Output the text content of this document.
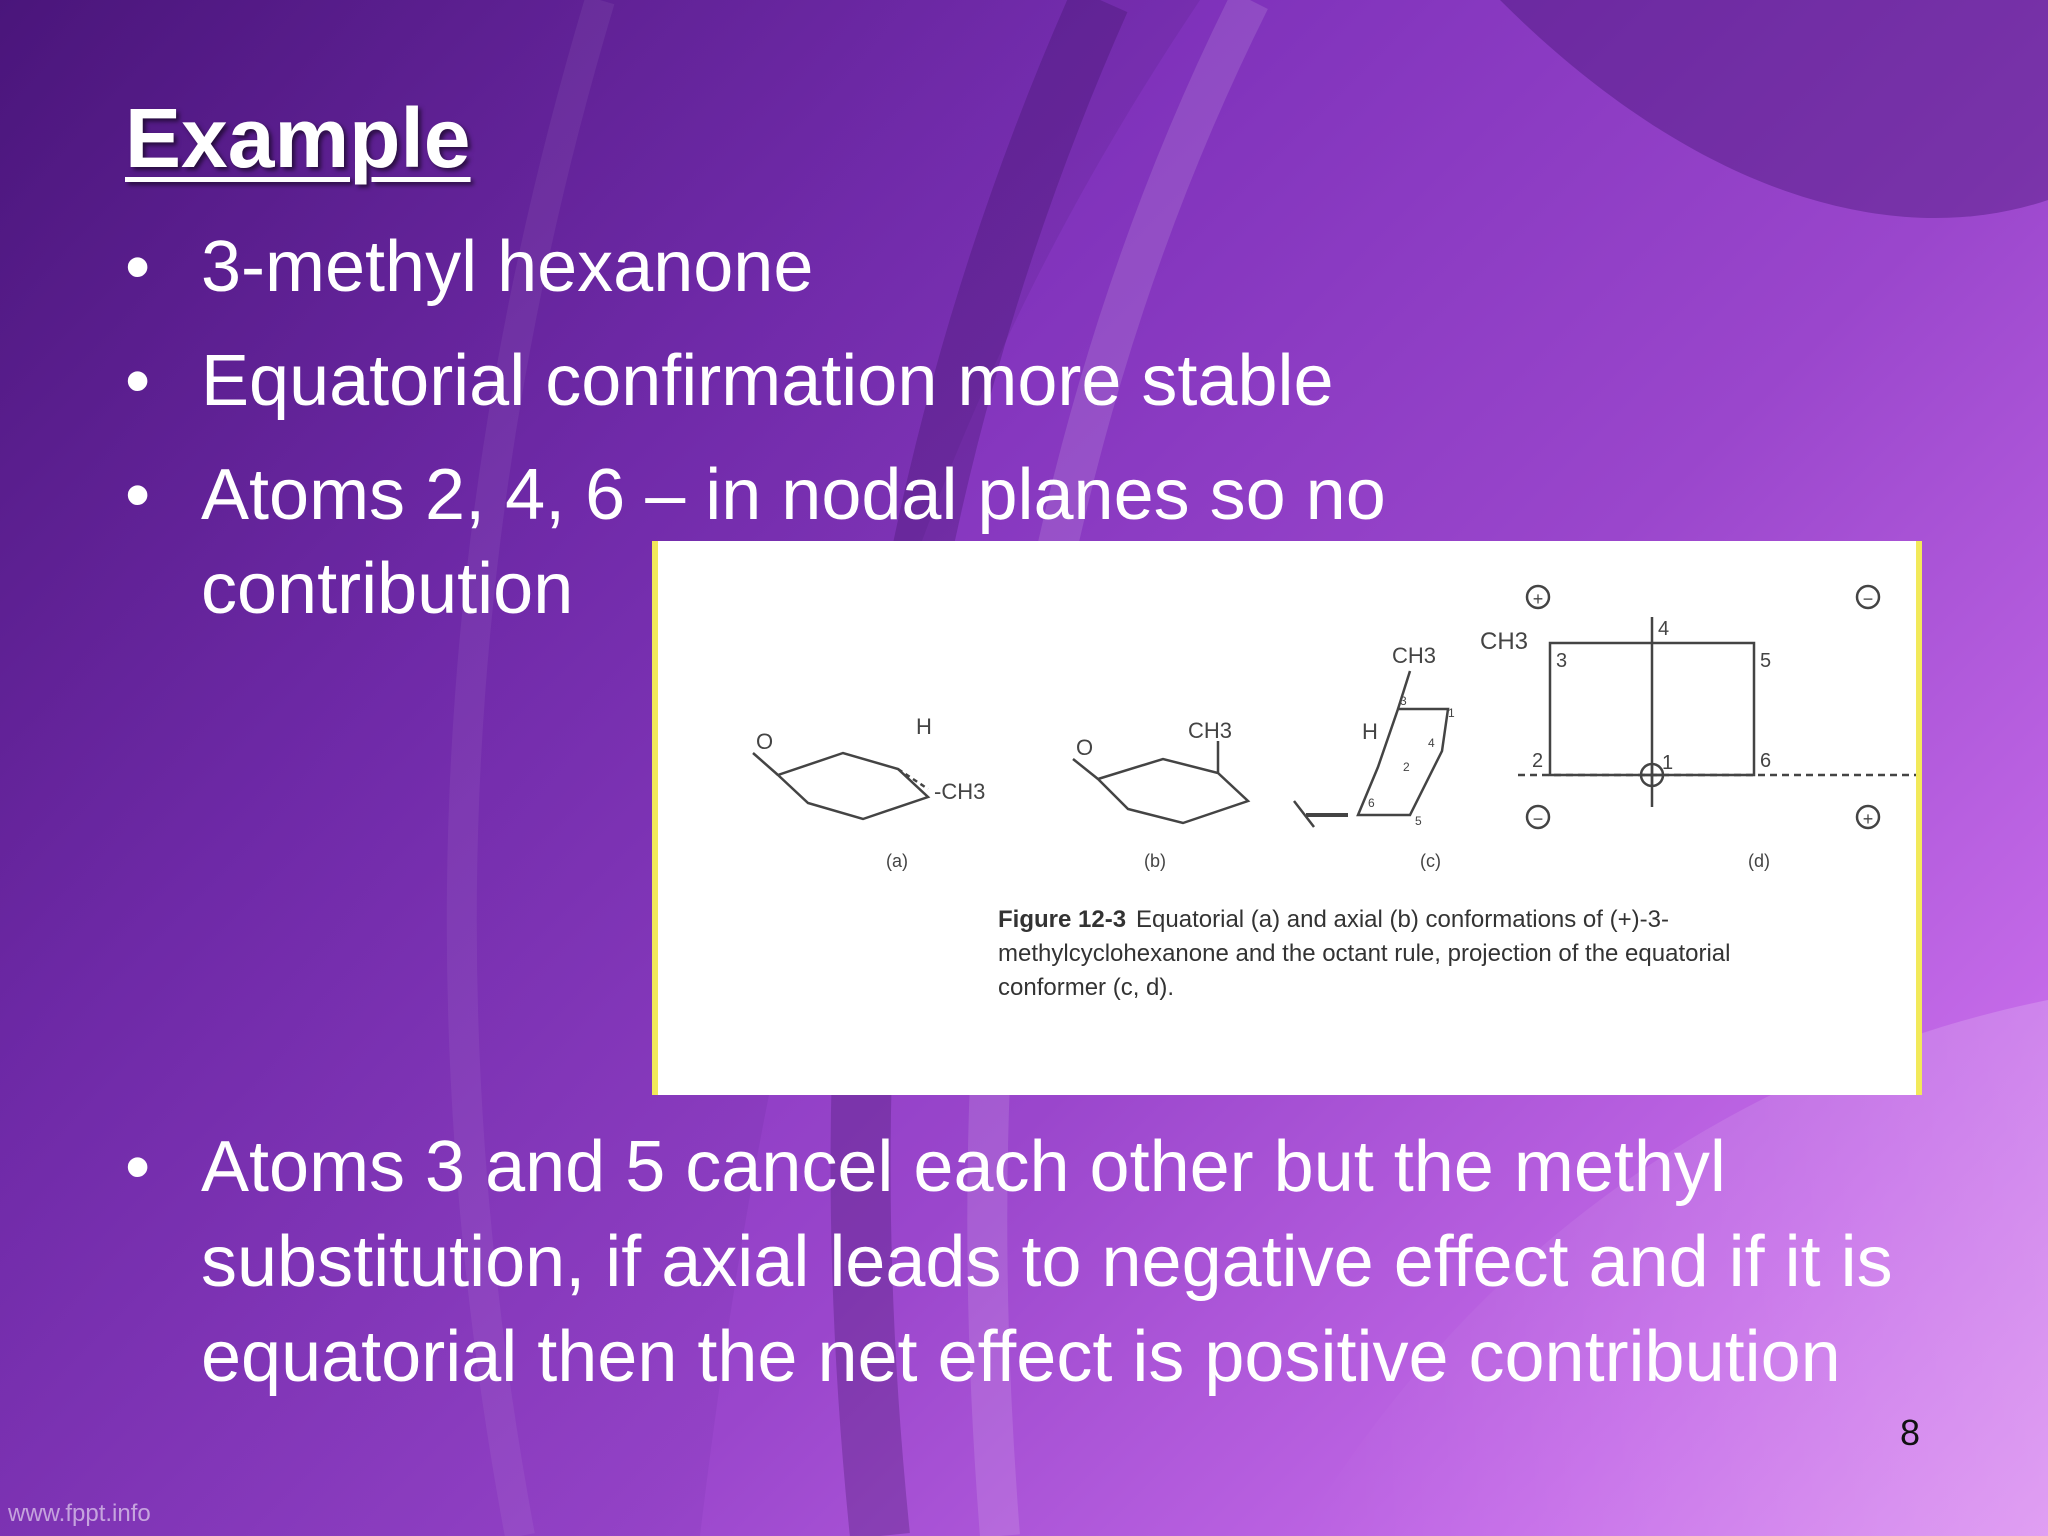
Example
• 3-methyl hexanone
• Equatorial confirmation more stable
• Atoms 2, 4, 6 – in nodal planes so no contribution
O
H
-CH3
O
CH3
CH3
H
CH3
+	−
−	+
1
2
3
4
5
6
1
2
3
4
5
6
(a)	(b)	(c)	(d)
Figure 12-3 Equatorial (a) and axial (b) conformations of (+)-3-methylcyclohexanone and the octant rule, projection of the equatorial conformer (c, d).
• Atoms 3 and 5 cancel each other but the methyl substitution, if axial leads to negative effect and if it is equatorial then the net effect is positive contribution
8
www.fppt.info
